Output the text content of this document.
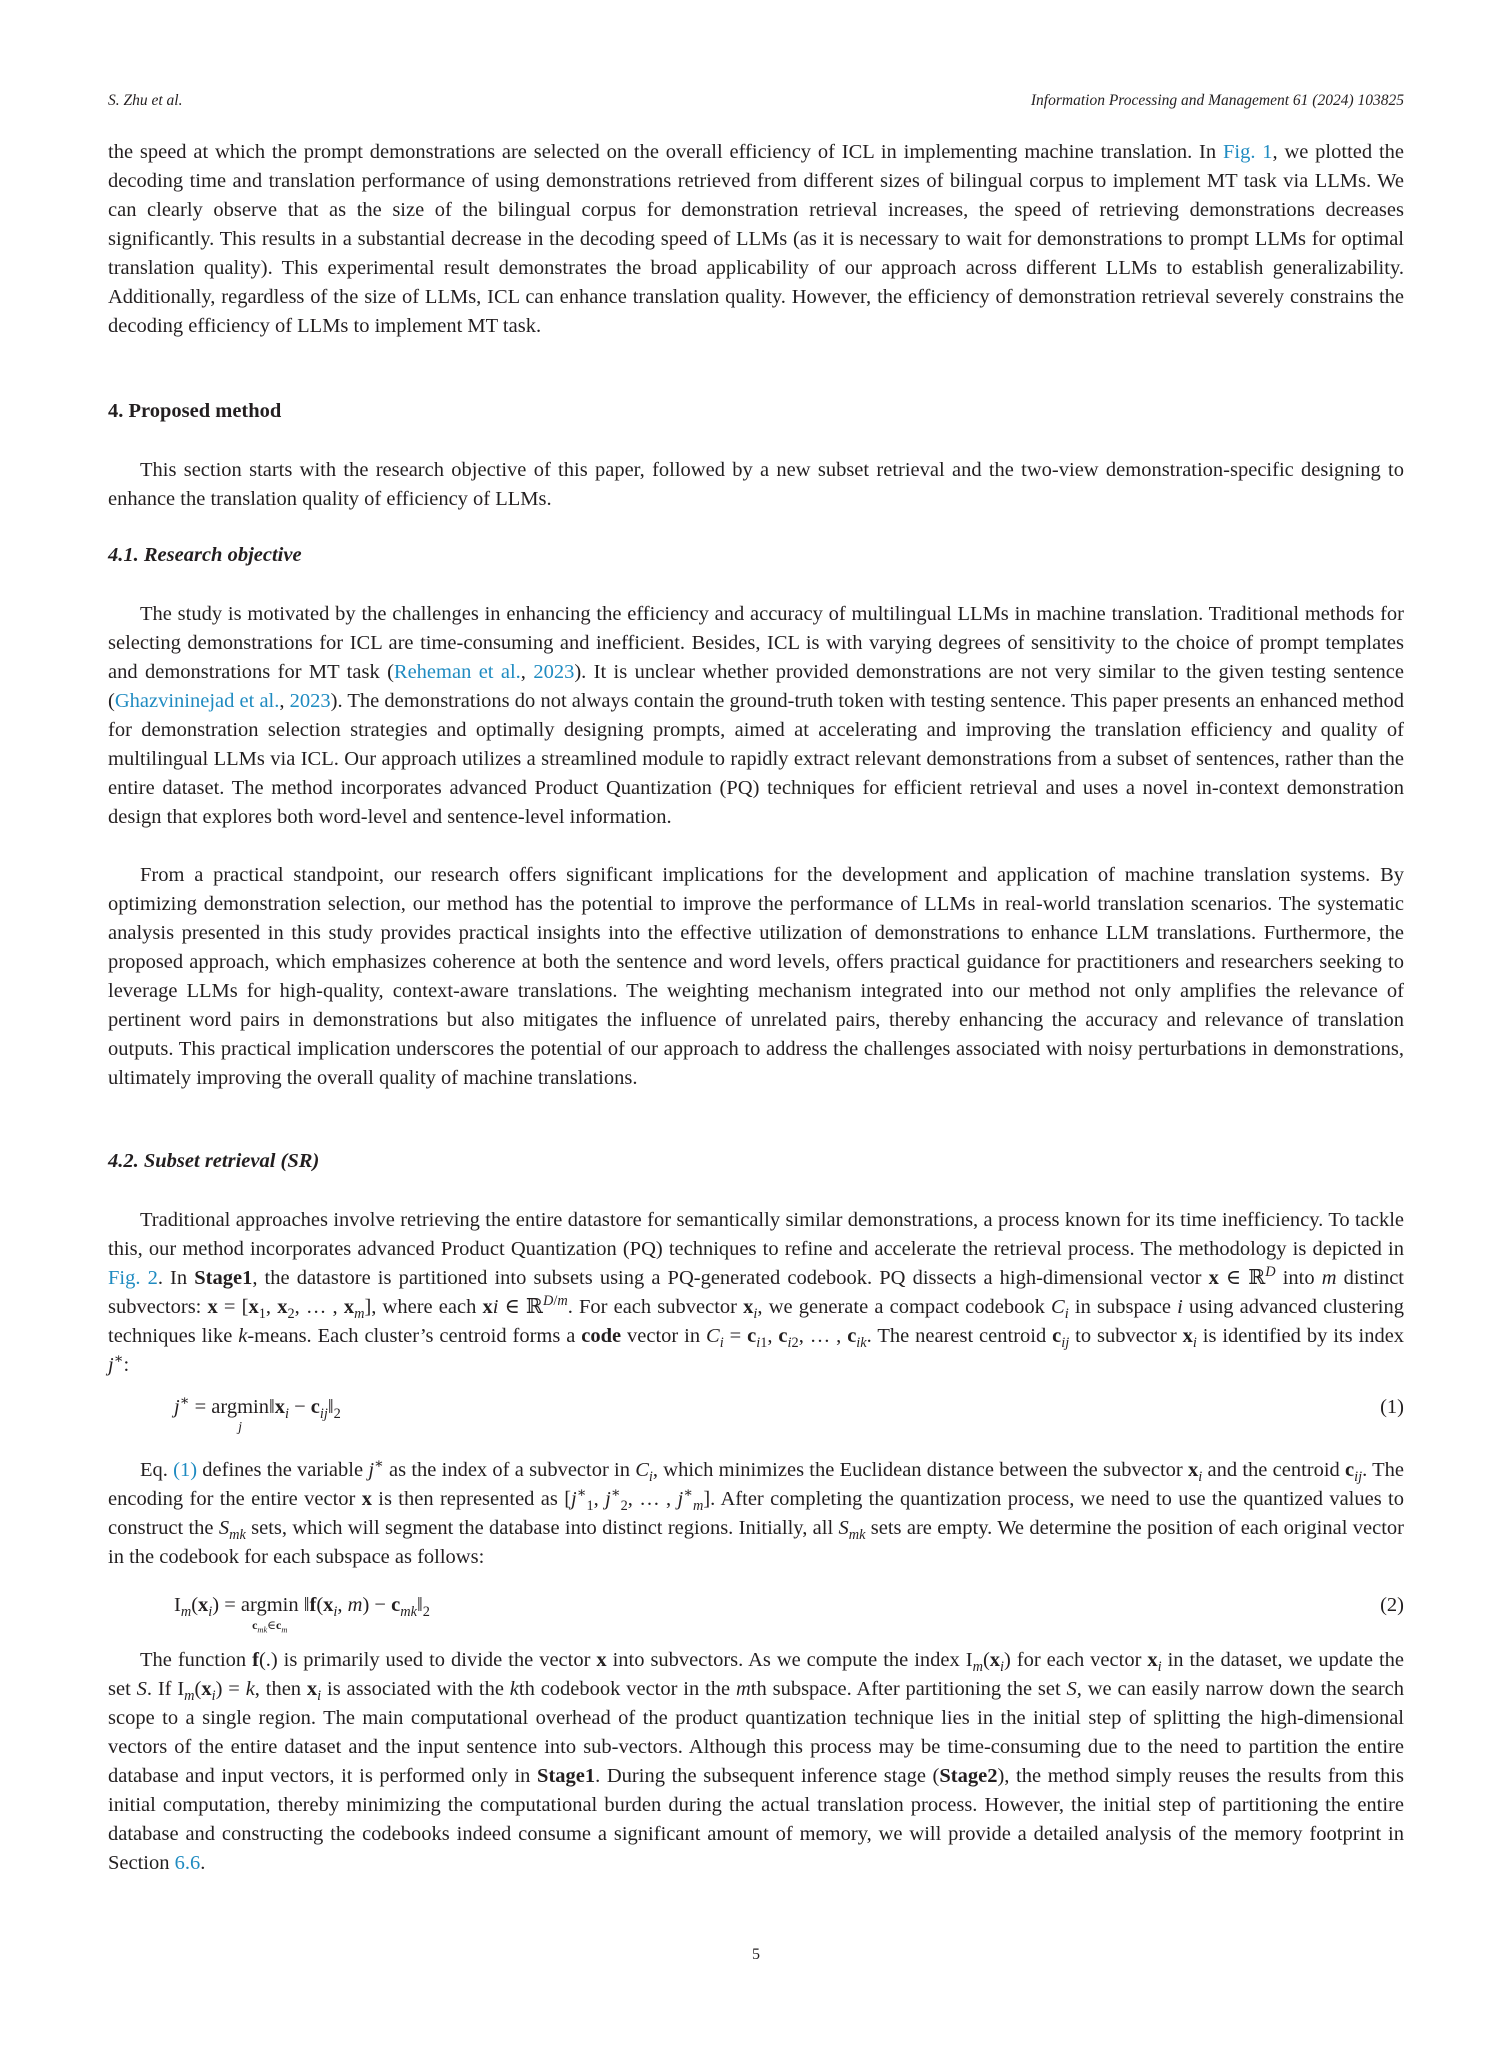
S. Zhu et al.	Information Processing and Management 61 (2024) 103825

the speed at which the prompt demonstrations are selected on the overall efficiency of ICL in implementing machine translation. In Fig. 1, we plotted the decoding time and translation performance of using demonstrations retrieved from different sizes of bilingual corpus to implement MT task via LLMs. We can clearly observe that as the size of the bilingual corpus for demonstration retrieval increases, the speed of retrieving demonstrations decreases significantly. This results in a substantial decrease in the decoding speed of LLMs (as it is necessary to wait for demonstrations to prompt LLMs for optimal translation quality). This experimental result demonstrates the broad applicability of our approach across different LLMs to establish generalizability. Additionally, regardless of the size of LLMs, ICL can enhance translation quality. However, the efficiency of demonstration retrieval severely constrains the decoding efficiency of LLMs to implement MT task.

4. Proposed method

This section starts with the research objective of this paper, followed by a new subset retrieval and the two-view demonstration-specific designing to enhance the translation quality of efficiency of LLMs.

4.1. Research objective

The study is motivated by the challenges in enhancing the efficiency and accuracy of multilingual LLMs in machine translation. Traditional methods for selecting demonstrations for ICL are time-consuming and inefficient. Besides, ICL is with varying degrees of sensitivity to the choice of prompt templates and demonstrations for MT task (Reheman et al., 2023). It is unclear whether provided demonstrations are not very similar to the given testing sentence (Ghazvininejad et al., 2023). The demonstrations do not always contain the ground-truth token with testing sentence. This paper presents an enhanced method for demonstration selection strategies and optimally designing prompts, aimed at accelerating and improving the translation efficiency and quality of multilingual LLMs via ICL. Our approach utilizes a streamlined module to rapidly extract relevant demonstrations from a subset of sentences, rather than the entire dataset. The method incorporates advanced Product Quantization (PQ) techniques for efficient retrieval and uses a novel in-context demonstration design that explores both word-level and sentence-level information.

From a practical standpoint, our research offers significant implications for the development and application of machine translation systems. By optimizing demonstration selection, our method has the potential to improve the performance of LLMs in real-world translation scenarios. The systematic analysis presented in this study provides practical insights into the effective utilization of demonstrations to enhance LLM translations. Furthermore, the proposed approach, which emphasizes coherence at both the sentence and word levels, offers practical guidance for practitioners and researchers seeking to leverage LLMs for high-quality, context-aware translations. The weighting mechanism integrated into our method not only amplifies the relevance of pertinent word pairs in demonstrations but also mitigates the influence of unrelated pairs, thereby enhancing the accuracy and relevance of translation outputs. This practical implication underscores the potential of our approach to address the challenges associated with noisy perturbations in demonstrations, ultimately improving the overall quality of machine translations.

4.2. Subset retrieval (SR)

Traditional approaches involve retrieving the entire datastore for semantically similar demonstrations, a process known for its time inefficiency. To tackle this, our method incorporates advanced Product Quantization (PQ) techniques to refine and accelerate the retrieval process. The methodology is depicted in Fig. 2. In Stage1, the datastore is partitioned into subsets using a PQ-generated codebook. PQ dissects a high-dimensional vector x ∈ ℝ$^D$ into m distinct subvectors: $x = [x_1$, $x_2$, … , $x_m$], where each xi ∈ ℝ$^{D/m}$. For each subvector $x_i$, we generate a compact codebook $C_i$ in subspace i using advanced clustering techniques like k-means. Each cluster’s centroid forms a code vector in $C_i = c_{i1}$, $c_{i2}$, … , $c_{ik}$. The nearest centroid $c_{ij}$ to subvector $x_i$ is identified by its index j∗:

j∗ = argmin
j
$‖x_i$ − $c_{ij}‖_2$	(1)

Eq. (1) defines the variable j∗ as the index of a subvector in $C_i$, which minimizes the Euclidean distance between the subvector $x_i$ and the centroid $c_{ij}$. The encoding for the entire vector x is then represented as [$j^∗_1$, $j^∗_2$, … , $j^∗_m$]. After completing the quantization process, we need to use the quantized values to construct the $S_{mk}$ sets, which will segment the database into distinct regions. Initially, all $S_{mk}$ sets are empty. We determine the position of each original vector in the codebook for each subspace as follows:

$I_m(x_i) = argmin$
$c_{mk}\in c_m$
$‖f(x_i$, $m) - c_{mk}‖_2$	(2)

The function f(.) is primarily used to divide the vector x into subvectors. As we compute the index $I_m(x_i)$ for each vector $x_i$ in the dataset, we update the set S. If $I_m(x_i) = k$, then $x_i$ is associated with the kth codebook vector in the mth subspace. After partitioning the set S, we can easily narrow down the search scope to a single region. The main computational overhead of the product quantization technique lies in the initial step of splitting the high-dimensional vectors of the entire dataset and the input sentence into sub-vectors. Although this process may be time-consuming due to the need to partition the entire database and input vectors, it is performed only in Stage1. During the subsequent inference stage (Stage2), the method simply reuses the results from this initial computation, thereby minimizing the computational burden during the actual translation process. However, the initial step of partitioning the entire database and constructing the codebooks indeed consume a significant amount of memory, we will provide a detailed analysis of the memory footprint in Section 6.6.

5
